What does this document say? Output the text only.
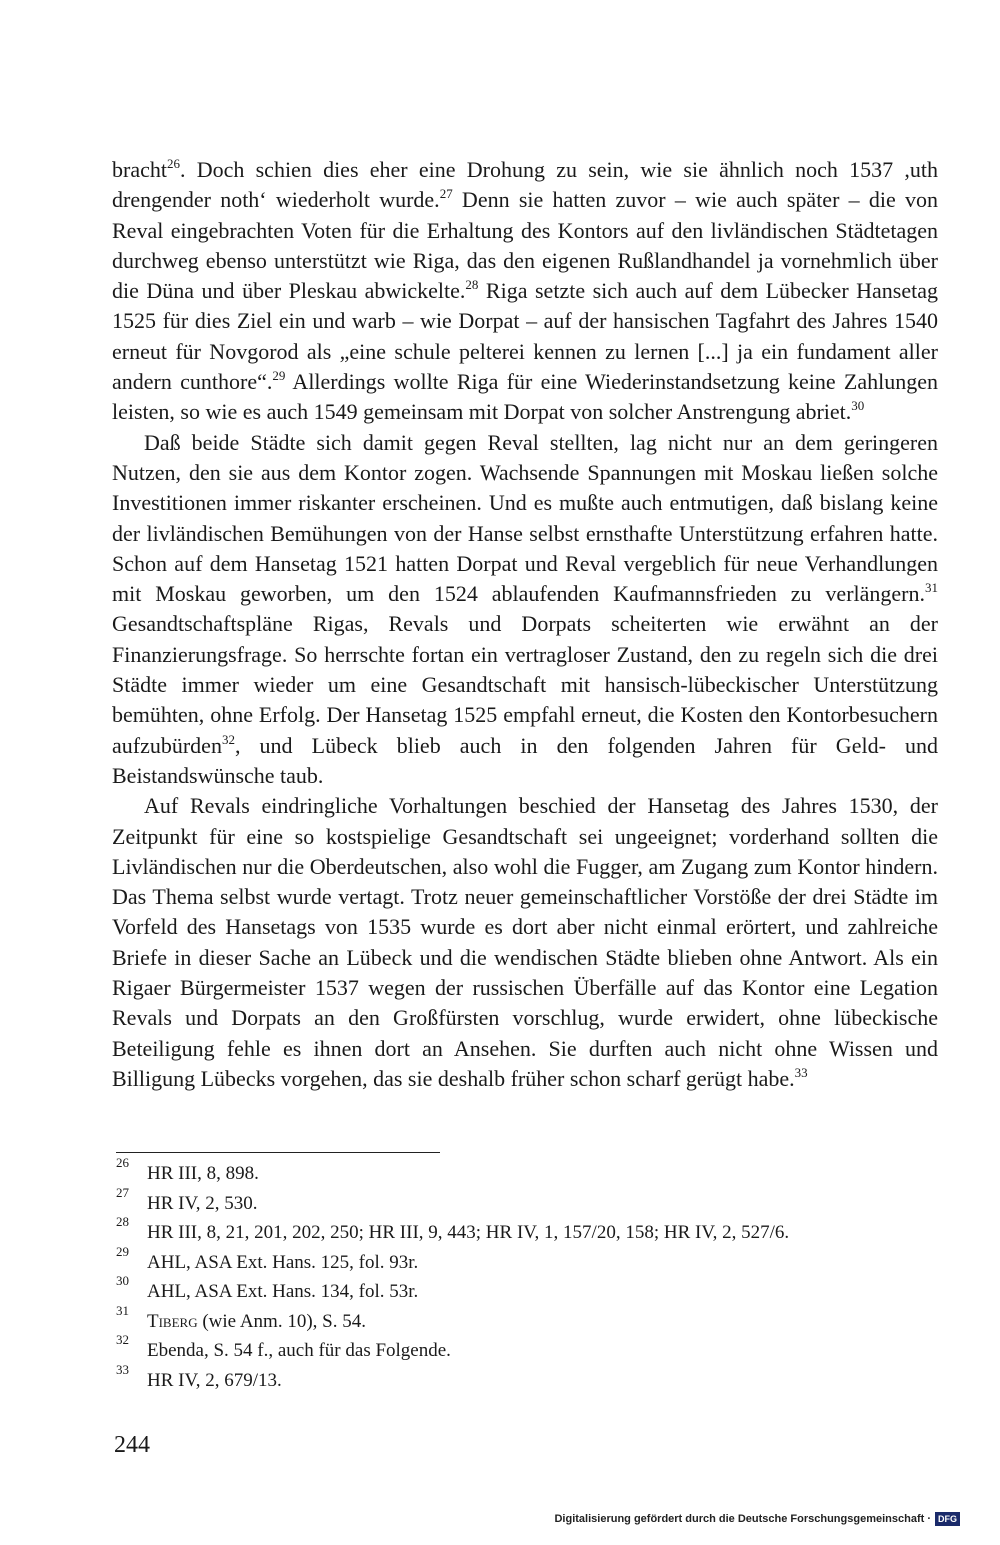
bracht$^{26}$. Doch schien dies eher eine Drohung zu sein, wie sie ähnlich noch 1537 ,uth drengender noth‘ wiederholt wurde.$^{27}$ Denn sie hatten zuvor – wie auch später – die von Reval eingebrachten Voten für die Erhaltung des Kontors auf den livländischen Städtetagen durchweg ebenso unterstützt wie Riga, das den eigenen Rußlandhandel ja vornehmlich über die Düna und über Pleskau abwickelte.$^{28}$ Riga setzte sich auch auf dem Lübecker Hansetag 1525 für dies Ziel ein und warb – wie Dorpat – auf der hansischen Tagfahrt des Jahres 1540 erneut für Novgorod als „eine schule pelterei kennen zu lernen [...] ja ein fundament aller andern cunthore“.$^{29}$ Allerdings wollte Riga für eine Wiederinstandsetzung keine Zahlungen leisten, so wie es auch 1549 gemeinsam mit Dorpat von solcher Anstrengung abriet.$^{30}$

Daß beide Städte sich damit gegen Reval stellten, lag nicht nur an dem geringeren Nutzen, den sie aus dem Kontor zogen. Wachsende Spannungen mit Moskau ließen solche Investitionen immer riskanter erscheinen. Und es mußte auch entmutigen, daß bislang keine der livländischen Bemühungen von der Hanse selbst ernsthafte Unterstützung erfahren hatte. Schon auf dem Hansetag 1521 hatten Dorpat und Reval vergeblich für neue Verhandlungen mit Moskau geworben, um den 1524 ablaufenden Kaufmannsfrieden zu verlängern.$^{31}$ Gesandtschaftspläne Rigas, Revals und Dorpats scheiterten wie erwähnt an der Finanzierungsfrage. So herrschte fortan ein vertragloser Zustand, den zu regeln sich die drei Städte immer wieder um eine Gesandtschaft mit hansisch-lübeckischer Unterstützung bemühten, ohne Erfolg. Der Hansetag 1525 empfahl erneut, die Kosten den Kontorbesuchern aufzubürden$^{32}$, und Lübeck blieb auch in den folgenden Jahren für Geld- und Beistandswünsche taub.

Auf Revals eindringliche Vorhaltungen beschied der Hansetag des Jahres 1530, der Zeitpunkt für eine so kostspielige Gesandtschaft sei ungeeignet; vorderhand sollten die Livländischen nur die Oberdeutschen, also wohl die Fugger, am Zugang zum Kontor hindern. Das Thema selbst wurde vertagt. Trotz neuer gemeinschaftlicher Vorstöße der drei Städte im Vorfeld des Hansetags von 1535 wurde es dort aber nicht einmal erörtert, und zahlreiche Briefe in dieser Sache an Lübeck und die wendischen Städte blieben ohne Antwort. Als ein Rigaer Bürgermeister 1537 wegen der russischen Überfälle auf das Kontor eine Legation Revals und Dorpats an den Großfürsten vorschlug, wurde erwidert, ohne lübeckische Beteiligung fehle es ihnen dort an Ansehen. Sie durften auch nicht ohne Wissen und Billigung Lübecks vorgehen, das sie deshalb früher schon scharf gerügt habe.$^{33}$

26
HR III, 8, 898.
27
HR IV, 2, 530.
28
HR III, 8, 21, 201, 202, 250; HR III, 9, 443; HR IV, 1, 157/20, 158; HR IV, 2, 527/6.
29
AHL, ASA Ext. Hans. 125, fol. 93r.
30
AHL, ASA Ext. Hans. 134, fol. 53r.
31
Tiberg (wie Anm. 10), S. 54.
32
Ebenda, S. 54 f., auch für das Folgende.
33
HR IV, 2, 679/13.
244
Digitalisierung gefördert durch die Deutsche Forschungsgemeinschaft · DFG
